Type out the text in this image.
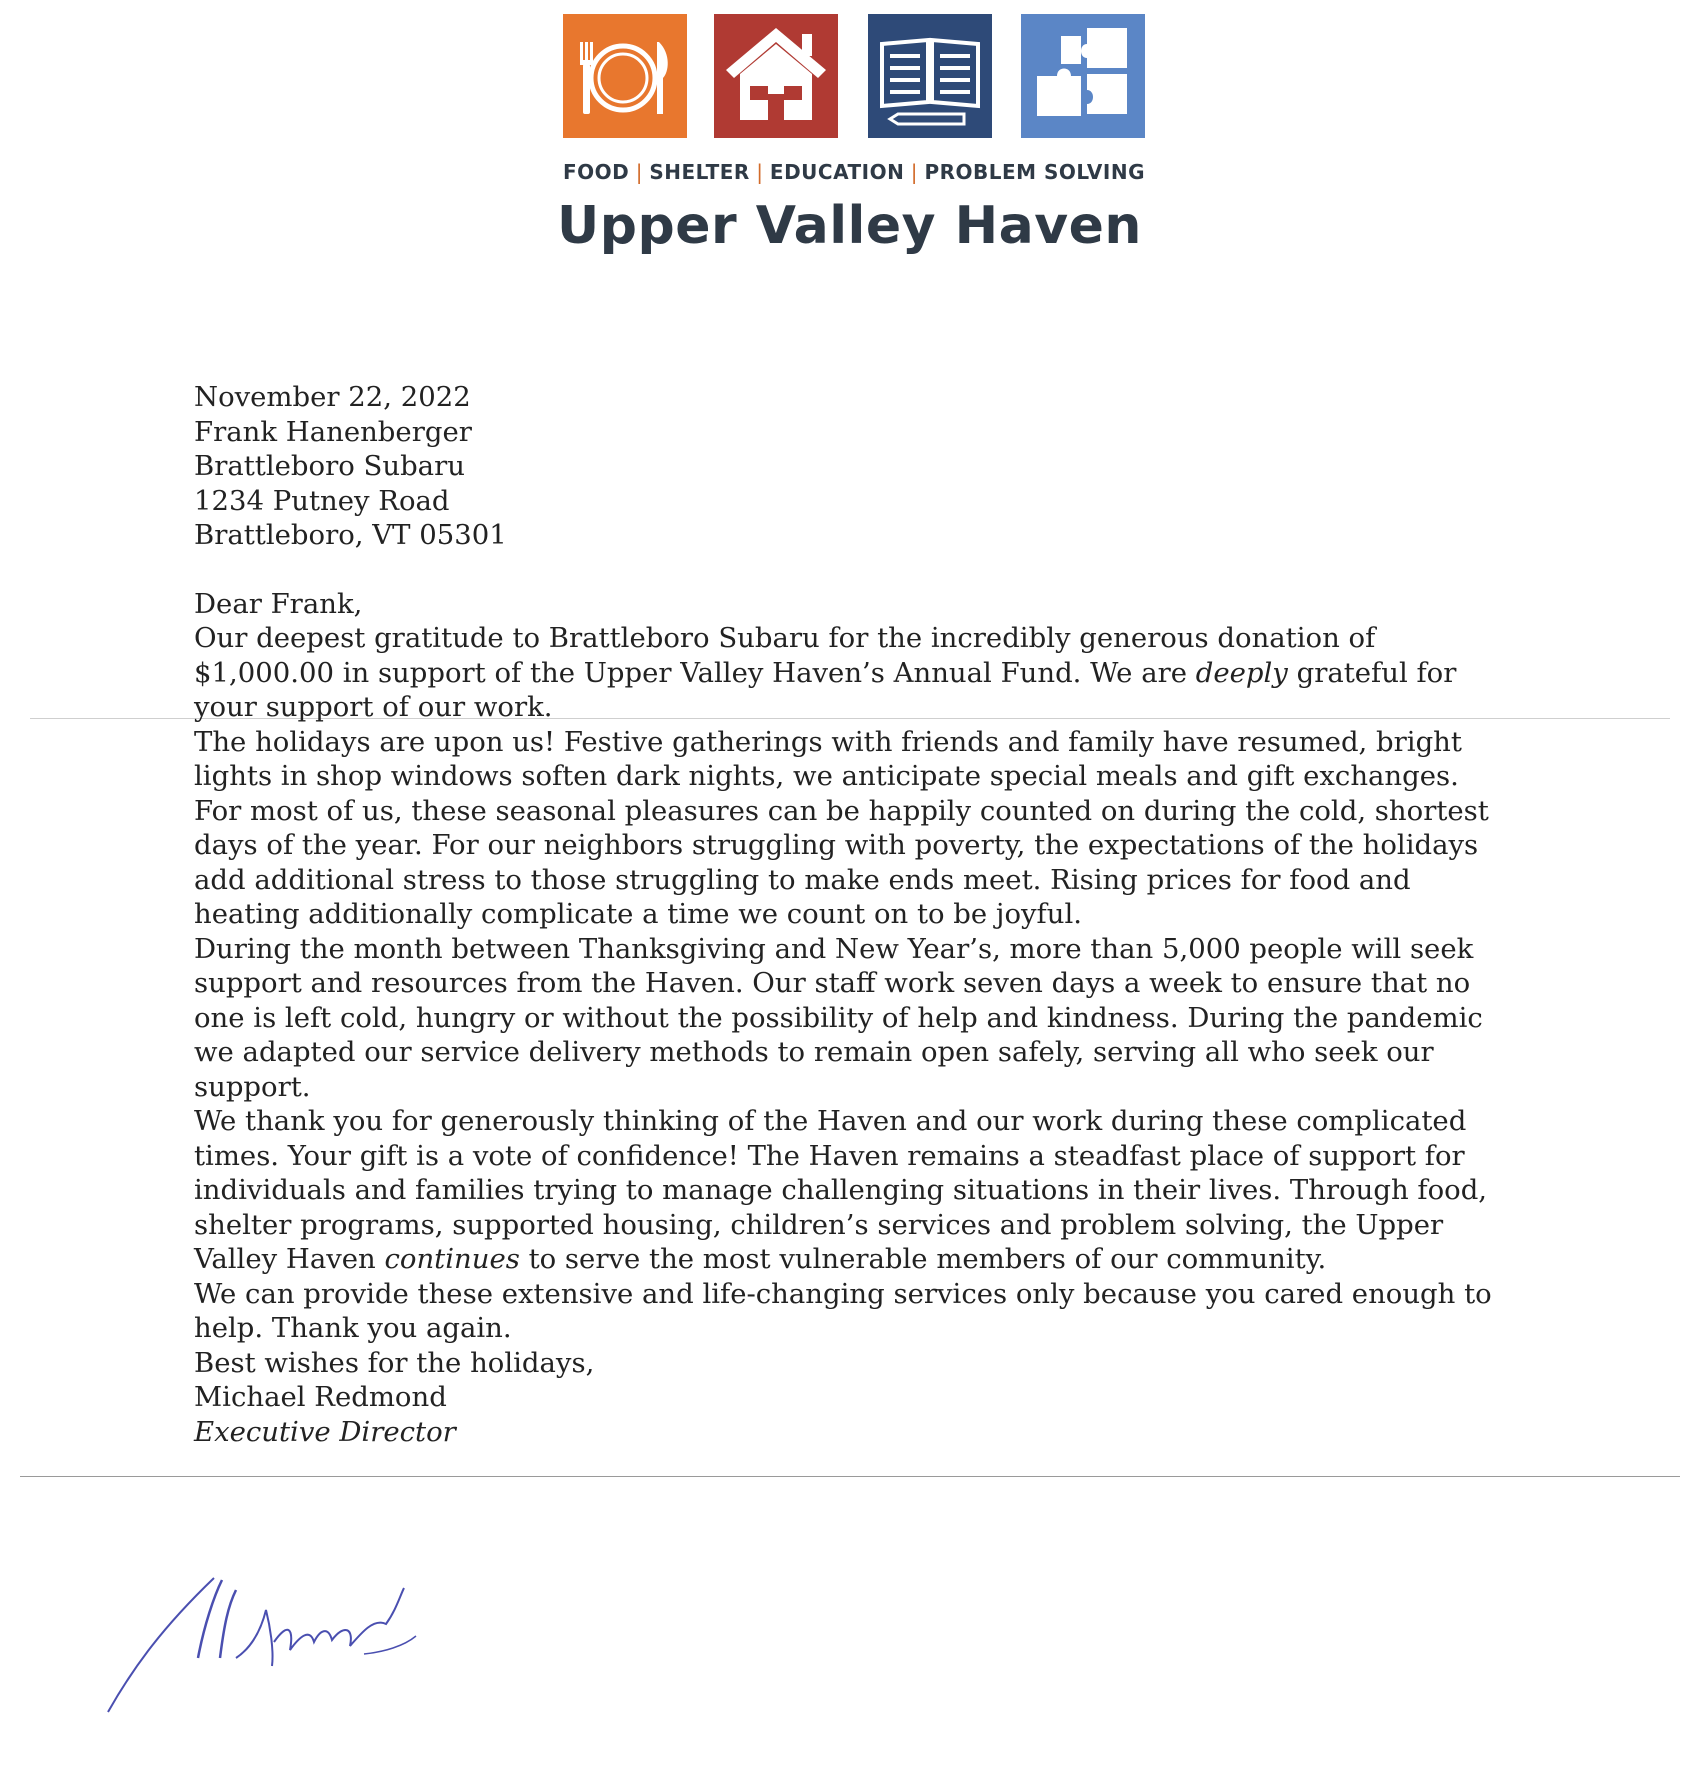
FOOD | SHELTER | EDUCATION | PROBLEM SOLVING
Upper Valley Haven

November 22, 2022

Frank Hanenberger
Brattleboro Subaru
1234 Putney Road
Brattleboro, VT 05301

Dear Frank,

Our deepest gratitude to Brattleboro Subaru for the incredibly generous donation of $1,000.00 in support of the Upper Valley Haven’s Annual Fund. We are deeply grateful for your support of our work.

The holidays are upon us! Festive gatherings with friends and family have resumed, bright lights in shop windows soften dark nights, we anticipate special meals and gift exchanges. For most of us, these seasonal pleasures can be happily counted on during the cold, shortest days of the year. For our neighbors struggling with poverty, the expectations of the holidays add additional stress to those struggling to make ends meet. Rising prices for food and heating additionally complicate a time we count on to be joyful.

During the month between Thanksgiving and New Year’s, more than 5,000 people will seek support and resources from the Haven. Our staff work seven days a week to ensure that no one is left cold, hungry or without the possibility of help and kindness. During the pandemic we adapted our service delivery methods to remain open safely, serving all who seek our support.

We thank you for generously thinking of the Haven and our work during these complicated times. Your gift is a vote of confidence! The Haven remains a steadfast place of support for individuals and families trying to manage challenging situations in their lives. Through food, shelter programs, supported housing, children’s services and problem solving, the Upper Valley Haven continues to serve the most vulnerable members of our community.

We can provide these extensive and life-changing services only because you cared enough to help. Thank you again.

Best wishes for the holidays,

Michael Redmond
Executive Director
